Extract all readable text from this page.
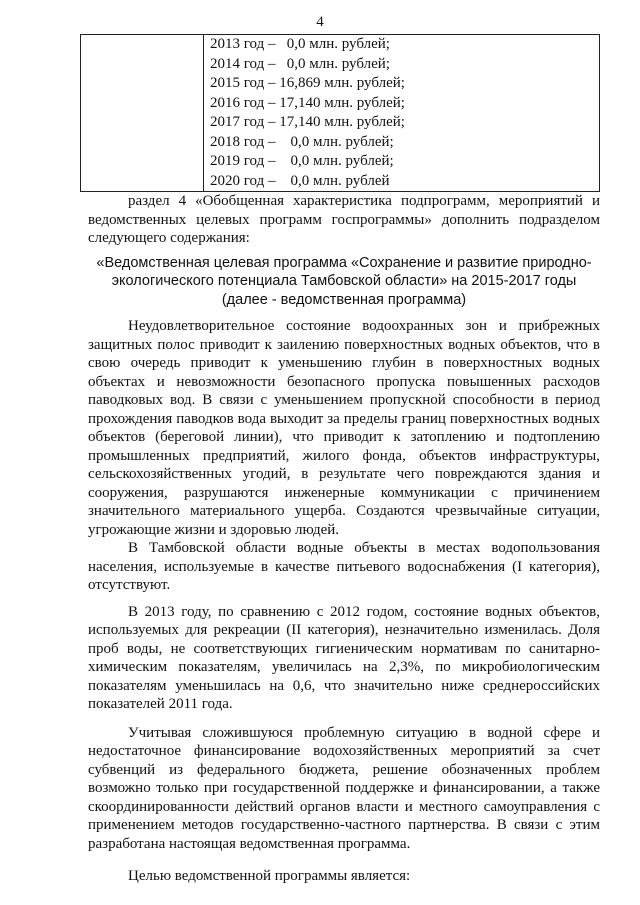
4

2013 год –   0,0 млн. рублей;
2014 год –   0,0 млн. рублей;
2015 год – 16,869 млн. рублей;
2016 год – 17,140 млн. рублей;
2017 год – 17,140 млн. рублей;
2018 год –    0,0 млн. рублей;
2019 год –    0,0 млн. рублей;
2020 год –    0,0 млн. рублей

раздел 4 «Обобщенная характеристика подпрограмм, мероприятий и ведомственных целевых программ госпрограммы» дополнить подразделом следующего содержания:

«Ведомственная целевая программа «Сохранение и развитие природно-экологического потенциала Тамбовской области» на 2015-2017 годы

(далее - ведомственная программа)

Неудовлетворительное состояние водоохранных зон и прибрежных защитных полос приводит к заилению поверхностных водных объектов, что в свою очередь приводит к уменьшению глубин в поверхностных водных объектах и невозможности безопасного пропуска повышенных расходов паводковых вод. В связи с уменьшением пропускной способности в период прохождения паводков вода выходит за пределы границ поверхностных водных объектов (береговой линии), что приводит к затоплению и подтоплению промышленных предприятий, жилого фонда, объектов инфраструктуры, сельскохозяйственных угодий, в результате чего повреждаются здания и сооружения, разрушаются инженерные коммуникации с причинением значительного материального ущерба. Создаются чрезвычайные ситуации, угрожающие жизни и здоровью людей.

В Тамбовской области водные объекты в местах водопользования населения, используемые в качестве питьевого водоснабжения (I категория), отсутствуют.

В 2013 году, по сравнению с 2012 годом, состояние водных объектов, используемых для рекреации (II категория), незначительно изменилась. Доля проб воды, не соответствующих гигиеническим нормативам по санитарно-химическим показателям, увеличилась на 2,3%, по микробиологическим показателям уменьшилась на 0,6, что значительно ниже среднероссийских показателей 2011 года.

Учитывая сложившуюся проблемную ситуацию в водной сфере и недостаточное финансирование водохозяйственных мероприятий за счет субвенций из федерального бюджета, решение обозначенных проблем возможно только при государственной поддержке и финансировании, а также скоординированности действий органов власти и местного самоуправления с применением методов государственно-частного партнерства. В связи с этим разработана настоящая ведомственная программа.

Целью ведомственной программы является:
